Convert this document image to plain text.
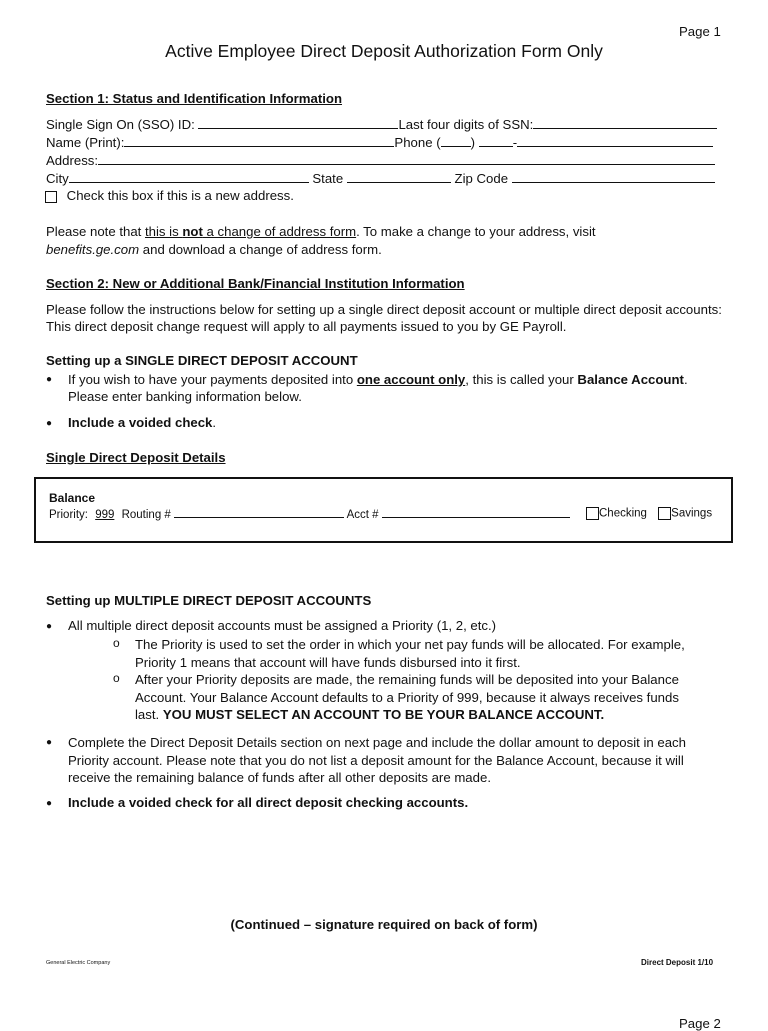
Page 1
Active Employee Direct Deposit Authorization Form Only
Section 1: Status and Identification Information
Single Sign On (SSO) ID:	Last four digits of SSN:
Name (Print):	Phone ( )	-
Address:
City	State	Zip Code
Check this box if this is a new address.
Please note that this is not a change of address form. To make a change to your address, visit
benefits.ge.com and download a change of address form.
Section 2: New or Additional Bank/Financial Institution Information
Please follow the instructions below for setting up a single direct deposit account or multiple direct deposit accounts: This direct deposit change request will apply to all payments issued to you by GE Payroll.
Setting up a SINGLE DIRECT DEPOSIT ACCOUNT
● If you wish to have your payments deposited into one account only, this is called your Balance Account. Please enter banking information below.
● Include a voided check.
Single Direct Deposit Details
Balance
Priority: 999 Routing #	Acct #	Checking Savings
Setting up MULTIPLE DIRECT DEPOSIT ACCOUNTS
● All multiple direct deposit accounts must be assigned a Priority (1, 2, etc.)
o The Priority is used to set the order in which your net pay funds will be allocated. For example, Priority 1 means that account will have funds disbursed into it first.
o After your Priority deposits are made, the remaining funds will be deposited into your Balance Account. Your Balance Account defaults to a Priority of 999, because it always receives funds last. YOU MUST SELECT AN ACCOUNT TO BE YOUR BALANCE ACCOUNT.
● Complete the Direct Deposit Details section on next page and include the dollar amount to deposit in each Priority account. Please note that you do not list a deposit amount for the Balance Account, because it will receive the remaining balance of funds after all other deposits are made.
● Include a voided check for all direct deposit checking accounts.
(Continued – signature required on back of form)
General Electric Company	Direct Deposit 1/10
Page 2
